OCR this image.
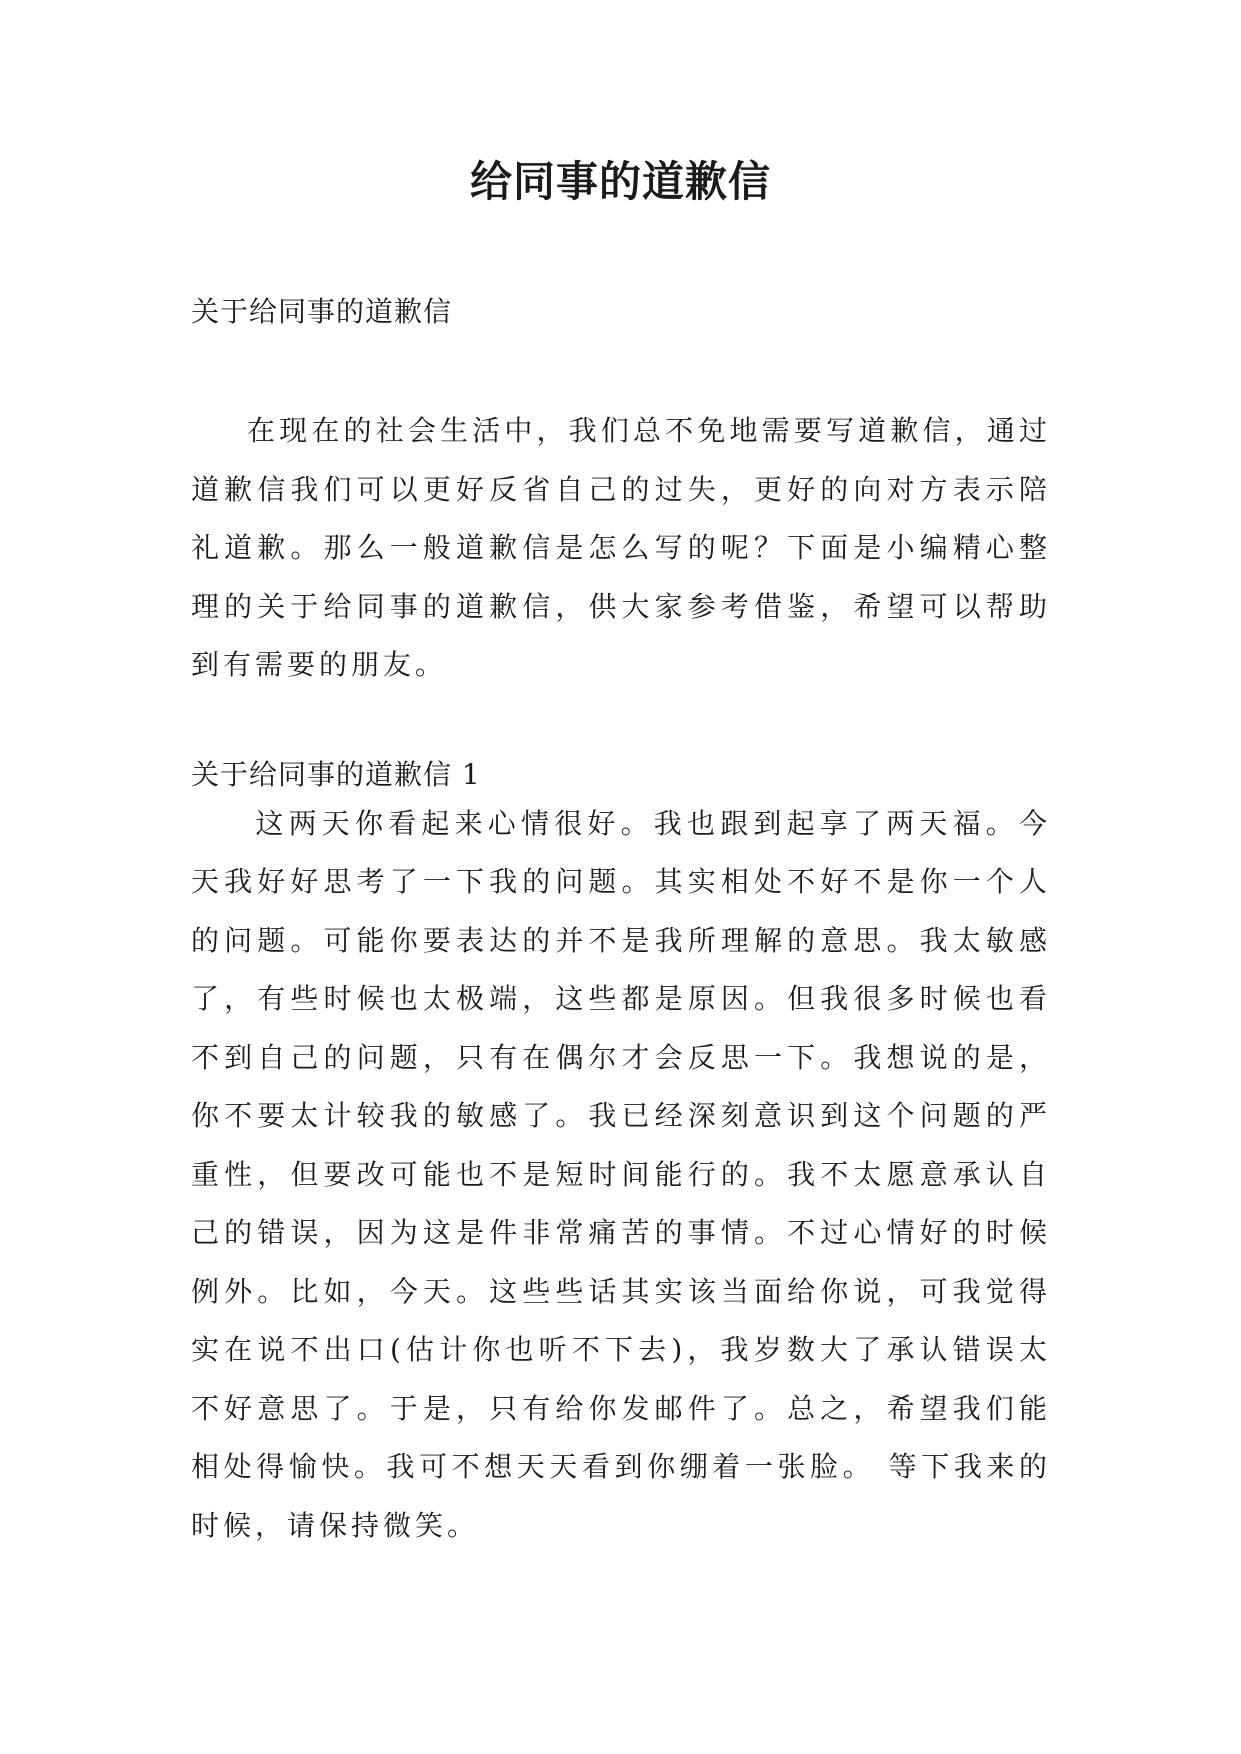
给同事的道歉信

关于给同事的道歉信

在现在的社会生活中，我们总不免地需要写道歉信，通过道歉信我们可以更好反省自己的过失，更好的向对方表示陪礼道歉。那么一般道歉信是怎么写的呢？下面是小编精心整理的关于给同事的道歉信，供大家参考借鉴，希望可以帮助到有需要的朋友。

关于给同事的道歉信 1

这两天你看起来心情很好。我也跟到起享了两天福。今天我好好思考了一下我的问题。其实相处不好不是你一个人的问题。可能你要表达的并不是我所理解的意思。我太敏感了，有些时候也太极端，这些都是原因。但我很多时候也看不到自己的问题，只有在偶尔才会反思一下。我想说的是，你不要太计较我的敏感了。我已经深刻意识到这个问题的严重性，但要改可能也不是短时间能行的。我不太愿意承认自己的错误，因为这是件非常痛苦的事情。不过心情好的时候例外。比如，今天。这些些话其实该当面给你说，可我觉得实在说不出口(估计你也听不下去)，我岁数大了承认错误太不好意思了。于是，只有给你发邮件了。总之，希望我们能相处得愉快。我可不想天天看到你绷着一张脸。 等下我来的时候，请保持微笑。
